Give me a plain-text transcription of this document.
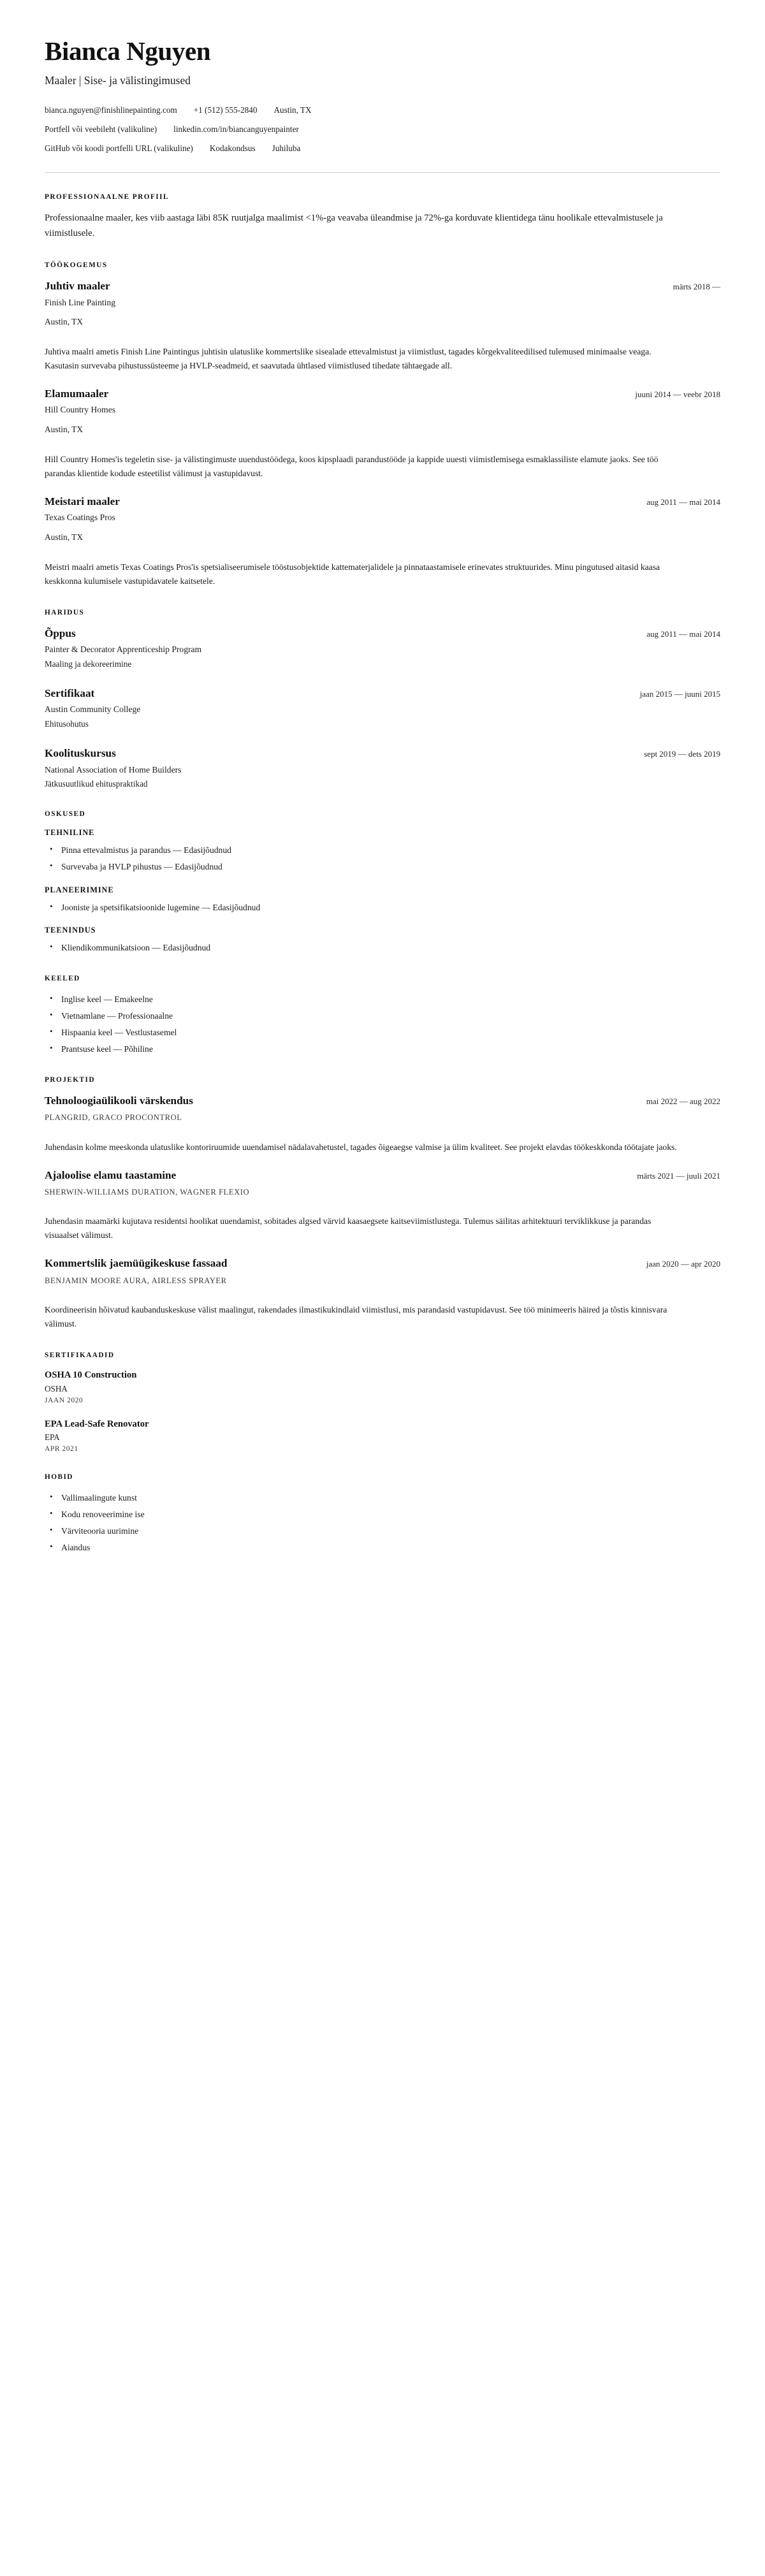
Bianca Nguyen
Maaler | Sise- ja välistingimused
bianca.nguyen@finishlinepainting.com +1 (512) 555-2840 Austin, TX
Portfell või veebileht (valikuline) linkedin.com/in/biancanguyenpainter
GitHub või koodi portfelli URL (valikuline) Kodakondsus Juhiluba
PROFESSIONAALNE PROFIIL

Professionaalne maaler, kes viib aastaga läbi 85K ruutjalga maalimist <1%-ga veavaba üleandmise ja 72%-ga korduvate klientidega tänu hoolikale ettevalmistusele ja viimistlusele.

TÖÖKOGEMUS
Juhtiv maaler	märts 2018 —
Finish Line Painting
Austin, TX

Juhtiva maalri ametis Finish Line Paintingus juhtisin ulatuslike kommertslike sisealade ettevalmistust ja viimistlust, tagades kõrgekvaliteedilised tulemused minimaalse veaga. Kasutasin survevaba pihustussüsteeme ja HVLP-seadmeid, et saavutada ühtlased viimistlused tihedate tähtaegade all.

Elamumaaler	juuni 2014 — veebr 2018
Hill Country Homes
Austin, TX

Hill Country Homes'is tegeletin sise- ja välistingimuste uuendustöödega, koos kipsplaadi parandustööde ja kappide uuesti viimistlemisega esmaklassiliste elamute jaoks. See töö parandas klientide kodude esteetilist välimust ja vastupidavust.

Meistari maaler	aug 2011 — mai 2014
Texas Coatings Pros
Austin, TX

Meistri maalri ametis Texas Coatings Pros'is spetsialiseerumisele tööstusobjektide kattematerjalidele ja pinnataastamisele erinevates struktuurides. Minu pingutused aitasid kaasa keskkonna kulumisele vastupidavatele kaitsetele.

HARIDUS
Õppus	aug 2011 — mai 2014
Painter & Decorator Apprenticeship Program
Maaling ja dekoreerimine
Sertifikaat	jaan 2015 — juuni 2015
Austin Community College
Ehitusohutus
Koolituskursus	sept 2019 — dets 2019
National Association of Home Builders
Jätkusuutlikud ehituspraktikad
OSKUSED
TEHNILINE
• Pinna ettevalmistus ja parandus — Edasijõudnud
• Survevaba ja HVLP pihustus — Edasijõudnud
PLANEERIMINE
• Jooniste ja spetsifikatsioonide lugemine — Edasijõudnud
TEENINDUS
• Kliendikommunikatsioon — Edasijõudnud
KEELED
• Inglise keel — Emakeelne
• Vietnamlane — Professionaalne
• Hispaania keel — Vestlustasemel
• Prantsuse keel — Põhiline
PROJEKTID
Tehnoloogiaülikooli värskendus	mai 2022 — aug 2022
PLANGRID, GRACO PROCONTROL

Juhendasin kolme meeskonda ulatuslike kontoriruumide uuendamisel nädalavahetustel, tagades õigeaegse valmise ja ülim kvaliteet. See projekt elavdas töökeskkonda töötajate jaoks.

Ajaloolise elamu taastamine	märts 2021 — juuli 2021
SHERWIN-WILLIAMS DURATION, WAGNER FLEXIO

Juhendasin maamärki kujutava residentsi hoolikat uuendamist, sobitades algsed värvid kaasaegsete kaitseviimistlustega. Tulemus säilitas arhitektuuri terviklikkuse ja parandas visuaalset välimust.

Kommertslik jaemüügikeskuse fassaad	jaan 2020 — apr 2020
BENJAMIN MOORE AURA, AIRLESS SPRAYER

Koordineerisin hõivatud kaubanduskeskuse välist maalingut, rakendades ilmastikukindlaid viimistlusi, mis parandasid vastupidavust. See töö minimeeris häired ja tõstis kinnisvara välimust.

SERTIFIKAADID
OSHA 10 Construction
OSHA
JAAN 2020
EPA Lead-Safe Renovator
EPA
APR 2021
HOBID
• Vallimaalingute kunst
• Kodu renoveerimine ise
• Värviteooria uurimine
• Aiandus
